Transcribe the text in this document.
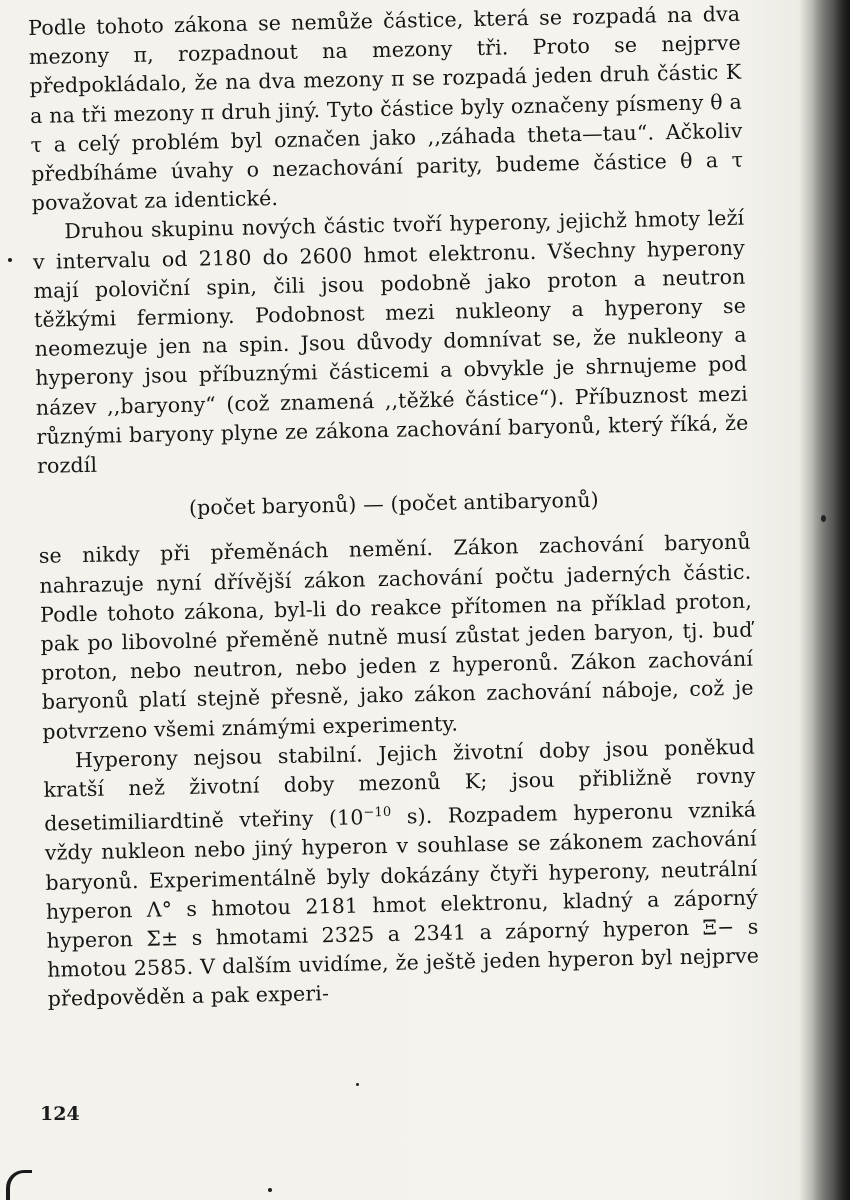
Podle tohoto zákona se nemůže částice, která se rozpadá na dva mezony π, rozpadnout na mezony tři. Proto se nejprve předpokládalo, že na dva mezony π se rozpadá jeden druh částic K a na tři mezony π druh jiný. Tyto částice byly označeny písmeny θ a τ a celý problém byl označen jako ,,záhada theta—tau“. Ačkoliv předbíháme úvahy o nezachování parity, budeme částice θ a τ považovat za identické.

Druhou skupinu nových částic tvoří hyperony, jejichž hmoty leží v intervalu od 2180 do 2600 hmot elektronu. Všechny hyperony mají poloviční spin, čili jsou podobně jako proton a neutron těžkými fermiony. Podobnost mezi nukleony a hyperony se neomezuje jen na spin. Jsou důvody domnívat se, že nukleony a hyperony jsou příbuznými částicemi a obvykle je shrnujeme pod název ,,baryony“ (což znamená ,,těžké částice“). Příbuznost mezi různými baryony plyne ze zákona zachování baryonů, který říká, že rozdíl

(počet baryonů) — (počet antibaryonů)

se nikdy při přeměnách nemění. Zákon zachování baryonů nahrazuje nyní dřívější zákon zachování počtu jaderných částic. Podle tohoto zákona, byl-li do reakce přítomen na příklad proton, pak po libovolné přeměně nutně musí zůstat jeden baryon, tj. buď proton, nebo neutron, nebo jeden z hyperonů. Zákon zachování baryonů platí stejně přesně, jako zákon zachování náboje, což je potvrzeno všemi známými experimenty.

Hyperony nejsou stabilní. Jejich životní doby jsou poněkud kratší než životní doby mezonů K; jsou přibližně rovny desetimiliardtině vteřiny ($10^{-10}$ s). Rozpadem hyperonu vzniká vždy nukleon nebo jiný hyperon v souhlase se zákonem zachování baryonů. Experimentálně byly dokázány čtyři hyperony, neutrální hyperon Λ° s hmotou 2181 hmot elektronu, kladný a záporný hyperon Σ± s hmotami 2325 a 2341 a záporný hyperon Ξ− s hmotou 2585. V dalším uvidíme, že ještě jeden hyperon byl nejprve předpověděn a pak experi-

124
